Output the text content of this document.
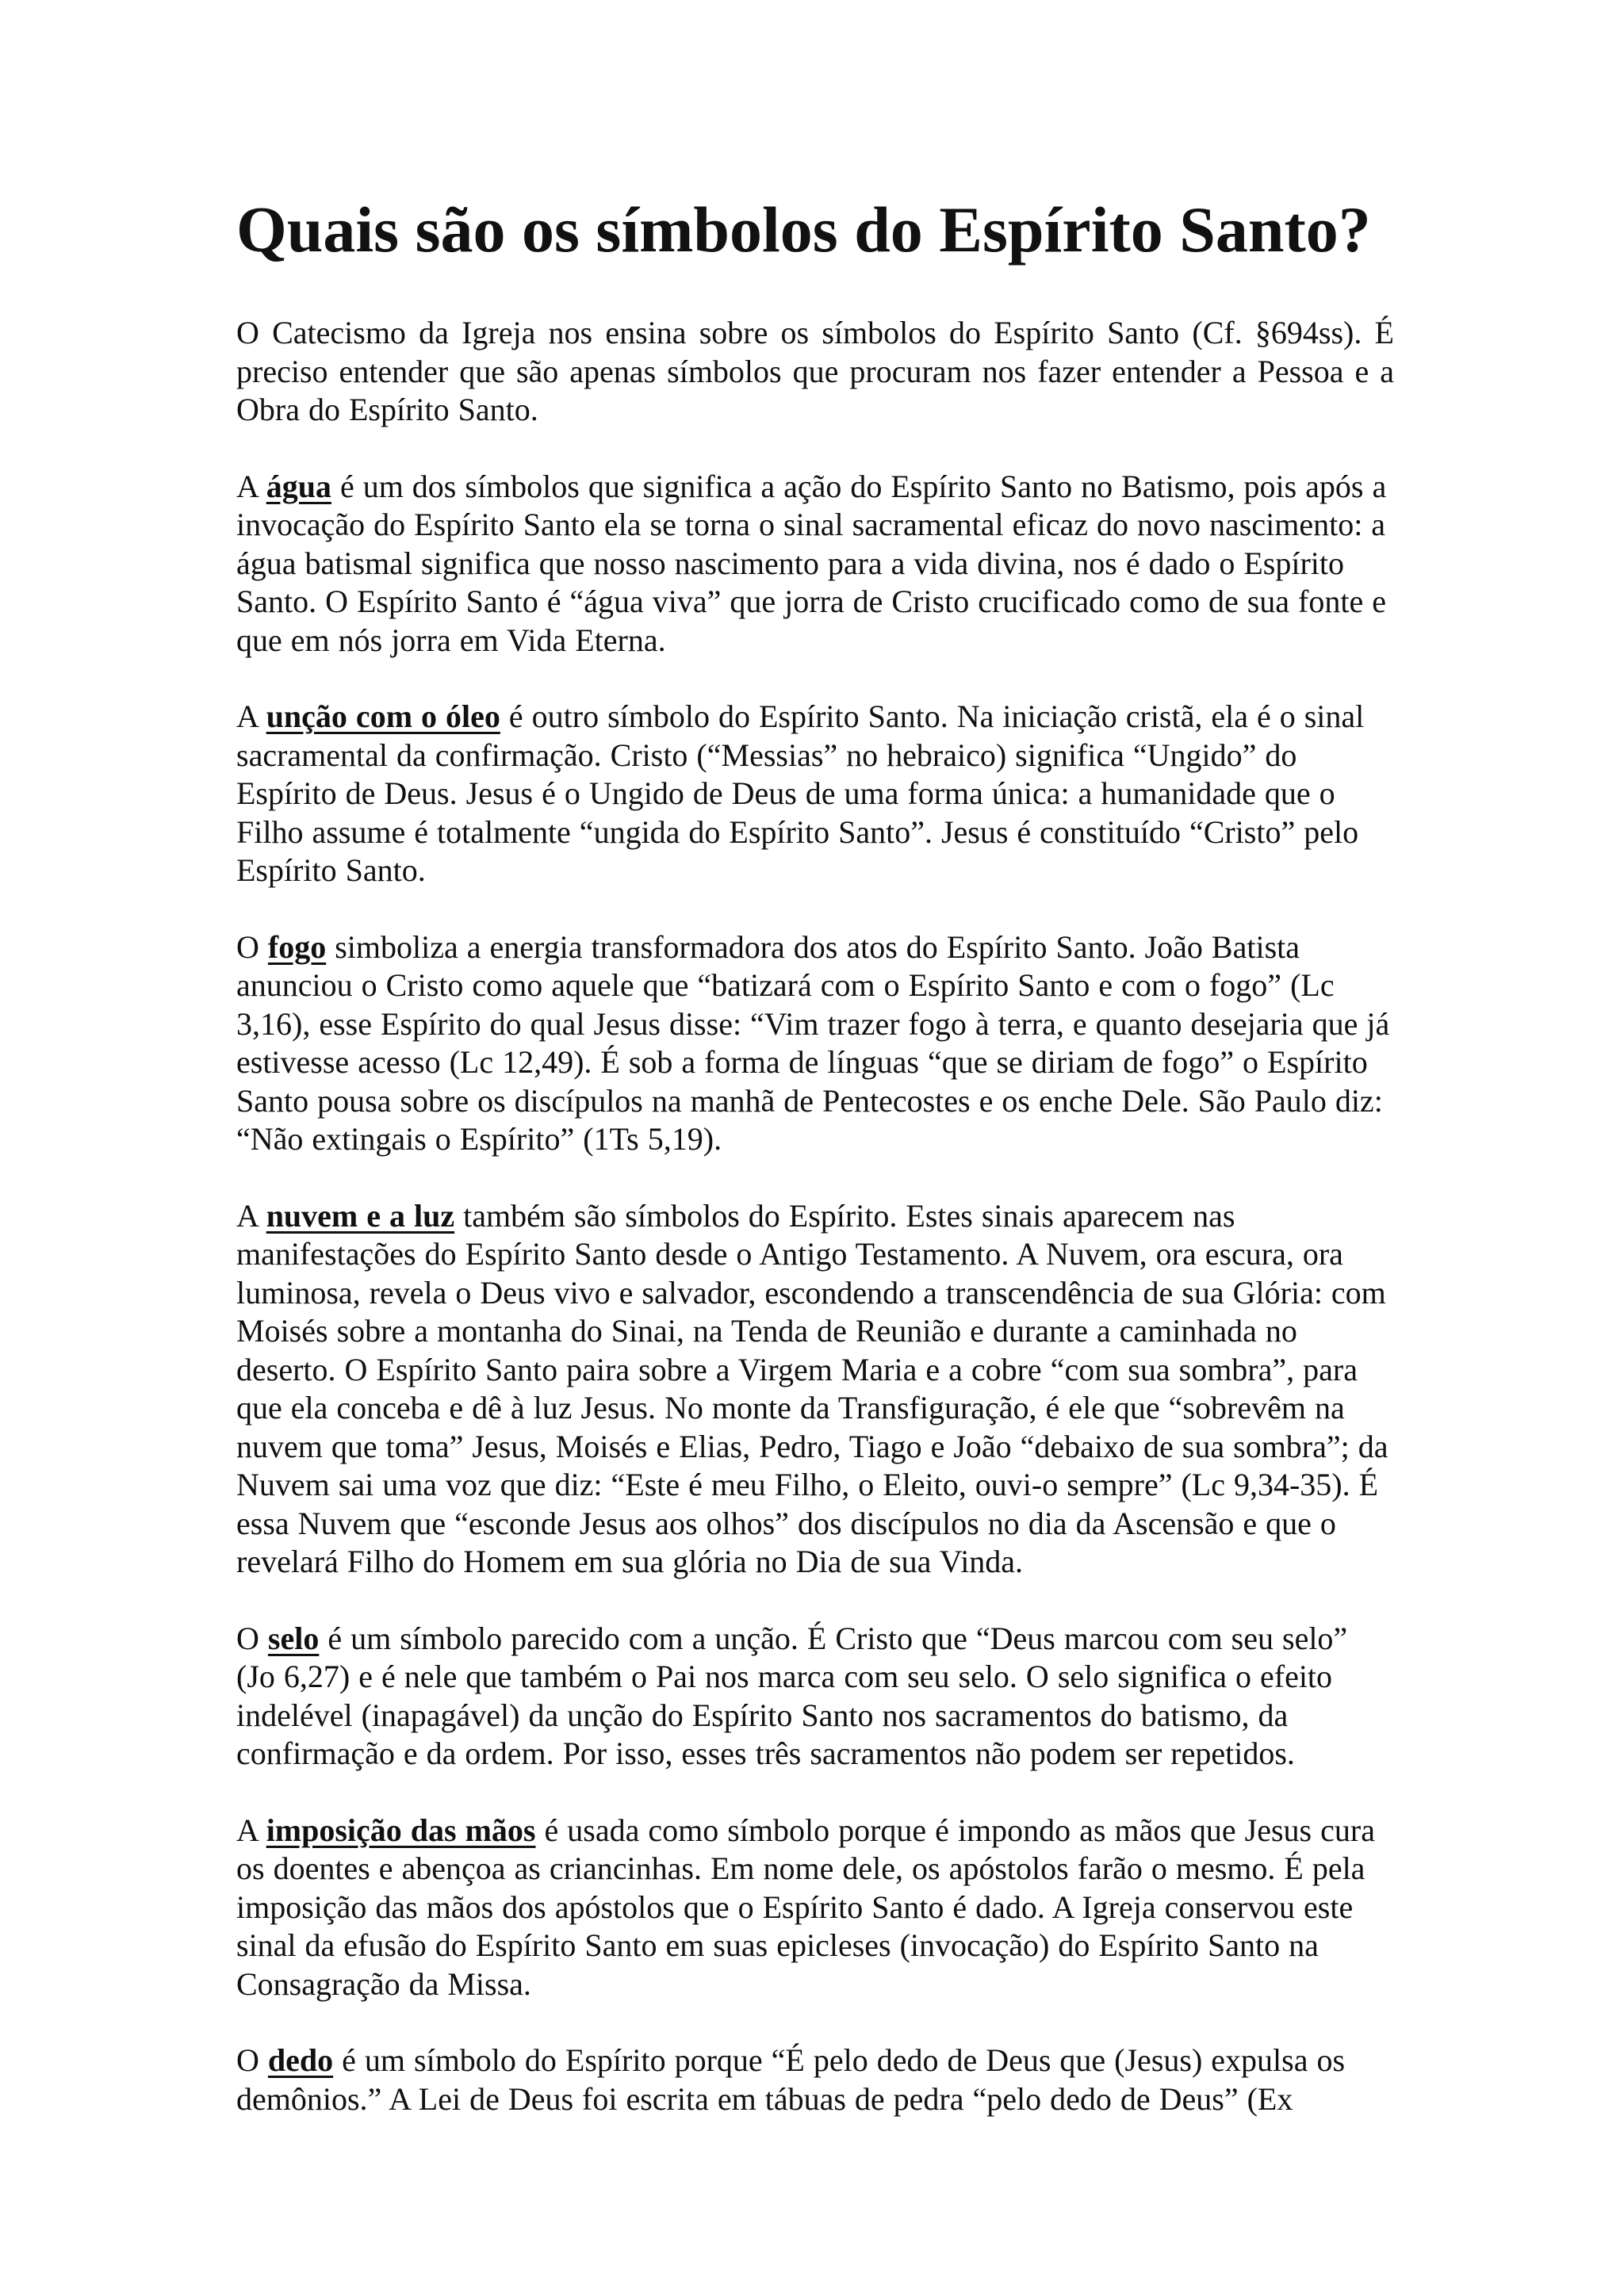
Quais são os símbolos do Espírito Santo?

O Catecismo da Igreja nos ensina sobre os símbolos do Espírito Santo (Cf. §694ss). É preciso entender que são apenas símbolos que procuram nos fazer entender a Pessoa e a Obra do Espírito Santo.

A água é um dos símbolos que significa a ação do Espírito Santo no Batismo, pois após a invocação do Espírito Santo ela se torna o sinal sacramental eficaz do novo nascimento: a água batismal significa que nosso nascimento para a vida divina, nos é dado o Espírito Santo. O Espírito Santo é “água viva” que jorra de Cristo crucificado como de sua fonte e que em nós jorra em Vida Eterna.

A unção com o óleo é outro símbolo do Espírito Santo. Na iniciação cristã, ela é o sinal sacramental da confirmação. Cristo (“Messias” no hebraico) significa “Ungido” do Espírito de Deus. Jesus é o Ungido de Deus de uma forma única: a humanidade que o Filho assume é totalmente “ungida do Espírito Santo”. Jesus é constituído “Cristo” pelo Espírito Santo.

O fogo simboliza a energia transformadora dos atos do Espírito Santo. João Batista anunciou o Cristo como aquele que “batizará com o Espírito Santo e com o fogo” (Lc 3,16), esse Espírito do qual Jesus disse: “Vim trazer fogo à terra, e quanto desejaria que já estivesse acesso (Lc 12,49). É sob a forma de línguas “que se diriam de fogo” o Espírito Santo pousa sobre os discípulos na manhã de Pentecostes e os enche Dele. São Paulo diz: “Não extingais o Espírito” (1Ts 5,19).

A nuvem e a luz também são símbolos do Espírito. Estes sinais aparecem nas manifestações do Espírito Santo desde o Antigo Testamento. A Nuvem, ora escura, ora luminosa, revela o Deus vivo e salvador, escondendo a transcendência de sua Glória: com Moisés sobre a montanha do Sinai, na Tenda de Reunião e durante a caminhada no deserto. O Espírito Santo paira sobre a Virgem Maria e a cobre “com sua sombra”, para que ela conceba e dê à luz Jesus. No monte da Transfiguração, é ele que “sobrevêm na nuvem que toma” Jesus, Moisés e Elias, Pedro, Tiago e João “debaixo de sua sombra”; da Nuvem sai uma voz que diz: “Este é meu Filho, o Eleito, ouvi-o sempre” (Lc 9,34-35). É essa Nuvem que “esconde Jesus aos olhos” dos discípulos no dia da Ascensão e que o revelará Filho do Homem em sua glória no Dia de sua Vinda.

O selo é um símbolo parecido com a unção. É Cristo que “Deus marcou com seu selo” (Jo 6,27) e é nele que também o Pai nos marca com seu selo. O selo significa o efeito indelével (inapagável) da unção do Espírito Santo nos sacramentos do batismo, da confirmação e da ordem. Por isso, esses três sacramentos não podem ser repetidos.

A imposição das mãos é usada como símbolo porque é impondo as mãos que Jesus cura os doentes e abençoa as criancinhas. Em nome dele, os apóstolos farão o mesmo. É pela imposição das mãos dos apóstolos que o Espírito Santo é dado. A Igreja conservou este sinal da efusão do Espírito Santo em suas epicleses (invocação) do Espírito Santo na Consagração da Missa.

O dedo é um símbolo do Espírito porque “É pelo dedo de Deus que (Jesus) expulsa os demônios.” A Lei de Deus foi escrita em tábuas de pedra “pelo dedo de Deus” (Ex
